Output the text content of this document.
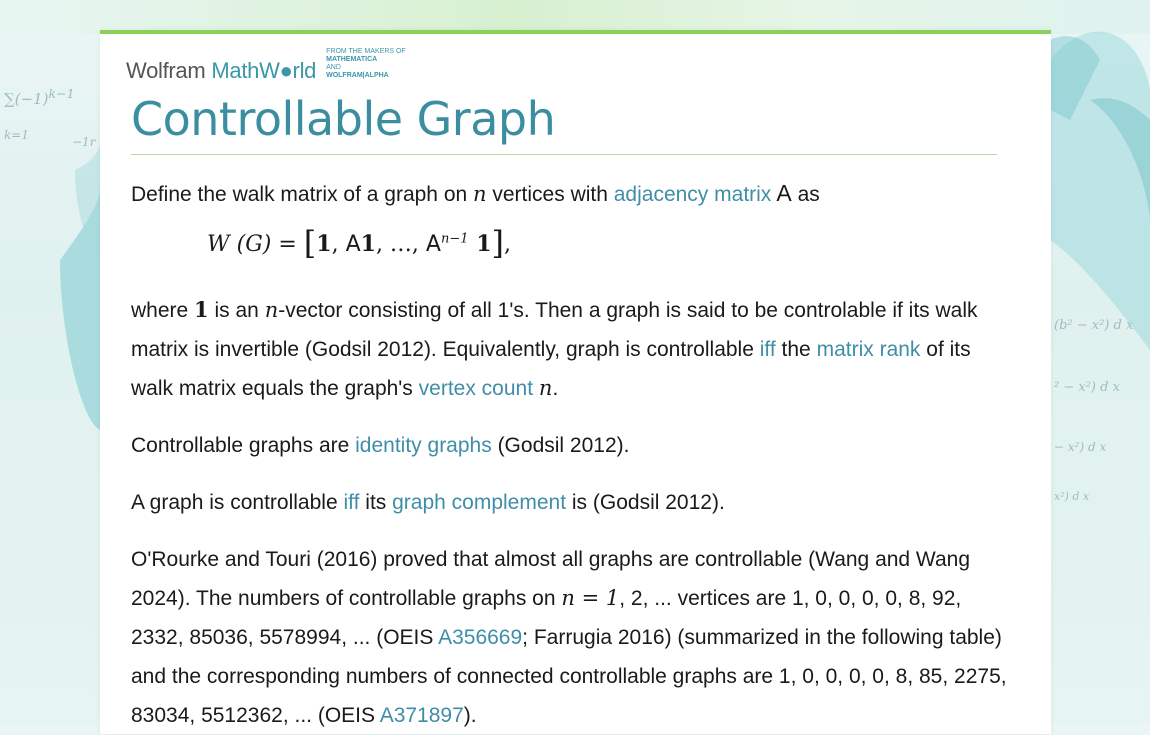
$\sum(-1)^{k-1}$
k=1	−1r
(b² − x²) d x
² − x²) d x
− x²) d x
x²) d x
Wolfram MathW●rld
FROM THE MAKERS OF
MATHEMATICA
AND
WOLFRAM|ALPHA
Controllable Graph

Define the walk matrix of a graph on n vertices with adjacency matrix A as

W (G) = [1, A1, …, $A^{n-1}$ 1],

where 1 is an n-vector consisting of all 1's. Then a graph is said to be controlable if its walk matrix is invertible (Godsil 2012). Equivalently, graph is controllable iff the matrix rank of its walk matrix equals the graph's vertex count n.

Controllable graphs are identity graphs (Godsil 2012).

A graph is controllable iff its graph complement is (Godsil 2012).

O'Rourke and Touri (2016) proved that almost all graphs are controllable (Wang and Wang 2024). The numbers of controllable graphs on n = 1, 2, ... vertices are 1, 0, 0, 0, 0, 8, 92, 2332, 85036, 5578994, ... (OEIS A356669; Farrugia 2016) (summarized in the following table) and the corresponding numbers of connected controllable graphs are 1, 0, 0, 0, 0, 8, 85, 2275, 83034, 5512362, ... (OEIS A371897).
